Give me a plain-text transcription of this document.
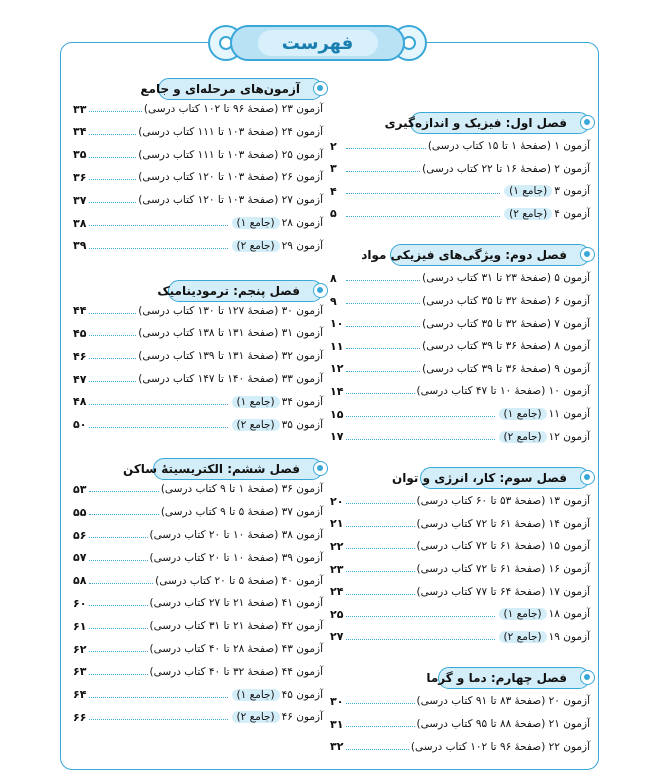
فهرست
فصل اول: فیزیک و اندازه‌گیری
آزمون ۱ (صفحهٔ ۱ تا ۱۵ کتاب درسی)
۲
آزمون ۲ (صفحهٔ ۱۶ تا ۲۲ کتاب درسی)
۳
آزمون ۳
(جامع ۱)
۴
آزمون ۴
(جامع ۲)
۵
فصل دوم: ویژگی‌های فیزیکی مواد
آزمون ۵ (صفحهٔ ۲۳ تا ۳۱ کتاب درسی)
۸
آزمون ۶ (صفحهٔ ۳۲ تا ۳۵ کتاب درسی)
۹
آزمون ۷ (صفحهٔ ۳۲ تا ۳۵ کتاب درسی)
۱۰
آزمون ۸ (صفحهٔ ۳۶ تا ۳۹ کتاب درسی)
۱۱
آزمون ۹ (صفحهٔ ۳۶ تا ۳۹ کتاب درسی)
۱۲
آزمون ۱۰ (صفحهٔ ۱۰ تا ۴۷ کتاب درسی)
۱۴
آزمون ۱۱
(جامع ۱)
۱۵
آزمون ۱۲
(جامع ۲)
۱۷
فصل سوم: کار، انرژی و توان
آزمون ۱۳ (صفحهٔ ۵۳ تا ۶۰ کتاب درسی)
۲۰
آزمون ۱۴ (صفحهٔ ۶۱ تا ۷۲ کتاب درسی)
۲۱
آزمون ۱۵ (صفحهٔ ۶۱ تا ۷۲ کتاب درسی)
۲۲
آزمون ۱۶ (صفحهٔ ۶۱ تا ۷۲ کتاب درسی)
۲۳
آزمون ۱۷ (صفحهٔ ۶۴ تا ۷۷ کتاب درسی)
۲۴
آزمون ۱۸
(جامع ۱)
۲۵
آزمون ۱۹
(جامع ۲)
۲۷
فصل چهارم: دما و گرما
آزمون ۲۰ (صفحهٔ ۸۳ تا ۹۱ کتاب درسی)
۳۰
آزمون ۲۱ (صفحهٔ ۸۸ تا ۹۵ کتاب درسی)
۳۱
آزمون ۲۲ (صفحهٔ ۹۶ تا ۱۰۲ کتاب درسی)
۳۲
آزمون‌های مرحله‌ای و جامع
آزمون ۲۳ (صفحهٔ ۹۶ تا ۱۰۲ کتاب درسی)
۳۳
آزمون ۲۴ (صفحهٔ ۱۰۳ تا ۱۱۱ کتاب درسی)
۳۴
آزمون ۲۵ (صفحهٔ ۱۰۳ تا ۱۱۱ کتاب درسی)
۳۵
آزمون ۲۶ (صفحهٔ ۱۰۳ تا ۱۲۰ کتاب درسی)
۳۶
آزمون ۲۷ (صفحهٔ ۱۰۳ تا ۱۲۰ کتاب درسی)
۳۷
آزمون ۲۸
(جامع ۱)
۳۸
آزمون ۲۹
(جامع ۲)
۳۹
فصل پنجم: ترمودینامیک
آزمون ۳۰ (صفحهٔ ۱۲۷ تا ۱۳۰ کتاب درسی)
۴۴
آزمون ۳۱ (صفحهٔ ۱۳۱ تا ۱۳۸ کتاب درسی)
۴۵
آزمون ۳۲ (صفحهٔ ۱۳۱ تا ۱۳۹ کتاب درسی)
۴۶
آزمون ۳۳ (صفحهٔ ۱۴۰ تا ۱۴۷ کتاب درسی)
۴۷
آزمون ۳۴
(جامع ۱)
۴۸
آزمون ۳۵
(جامع ۲)
۵۰
فصل ششم: الکتریسیتهٔ ساکن
آزمون ۳۶ (صفحهٔ ۱ تا ۹ کتاب درسی)
۵۳
آزمون ۳۷ (صفحهٔ ۵ تا ۹ کتاب درسی)
۵۵
آزمون ۳۸ (صفحهٔ ۱۰ تا ۲۰ کتاب درسی)
۵۶
آزمون ۳۹ (صفحهٔ ۱۰ تا ۲۰ کتاب درسی)
۵۷
آزمون ۴۰ (صفحهٔ ۵ تا ۲۰ کتاب درسی)
۵۸
آزمون ۴۱ (صفحهٔ ۲۱ تا ۲۷ کتاب درسی)
۶۰
آزمون ۴۲ (صفحهٔ ۲۱ تا ۳۱ کتاب درسی)
۶۱
آزمون ۴۳ (صفحهٔ ۲۸ تا ۴۰ کتاب درسی)
۶۲
آزمون ۴۴ (صفحهٔ ۳۲ تا ۴۰ کتاب درسی)
۶۳
آزمون ۴۵
(جامع ۱)
۶۴
آزمون ۴۶
(جامع ۲)
۶۶
